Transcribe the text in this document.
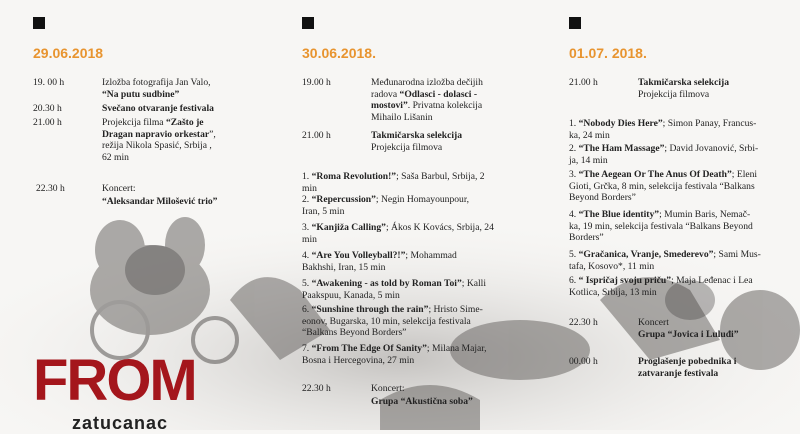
29.06.2018
19. 00 h	Izložba fotografija Jan Valo,
“Na putu sudbine”
20.30 h	Svečano otvaranje festivala
21.00 h	Projekcija filma “Zašto je
Dragan napravio orkestar”,
režija Nikola Spasić, Srbija ,
62 min
22.30 h	Koncert:
“Aleksandar Milošević trio”
30.06.2018.
19.00 h	Međunarodna izložba dečijih
radova “Odlasci - dolasci -
mostovi”. Privatna kolekcija
Mihailo Lišanin
21.00 h	Takmičarska selekcija
Projekcija filmova
1. “Roma Revolution!”; Saša Barbul, Srbija, 2
min
2. “Repercussion”; Negin Homayounpour,
Iran, 5 min
3. “Kanjiža Calling”; Ákos K Kovács, Srbija, 24
min
4. “Are You Volleyball?!”; Mohammad
Bakhshi, Iran, 15 min
5. “Awakening - as told by Roman Toi”; Kalli
Paakspuu, Kanada, 5 min
6. “Sunshine through the rain”; Hristo Simе-
eonov, Bugarska, 10 min, selekcija festivala
“Balkans Beyond Borders”
7. “From The Edge Of Sanity”; Milana Majar,
Bosna i Hercegovina, 27 min
22.30 h	Koncert:
Grupa “Akustična soba”
01.07. 2018.
21.00 h	Takmičarska selekcija
Projekcija filmova
1. “Nobody Dies Here”; Simon Panay, Francus-
ka, 24 min
2. “The Ham Massage”; David Jovanović, Srbi-
ja, 14 min
3. “The Aegean Or The Anus Of Death”; Eleni
Gioti, Grčka, 8 min, selekcija festivala “Balkans
Beyond Borders”
4. “The Blue identity”; Mumin Baris, Nemač-
ka, 19 min, selekcija festivala “Balkans Beyond
Borders”
5. “Gračanica, Vranje, Smederevo”; Sami Mus-
tafa, Kosovo*, 11 min
6. “ Ispričaj svoju priču”; Maja Leđenac i Lea
Kotlica, Srbija, 13 min
22.30 h	Koncert
Grupa “Jovica i Luluđi”
00.00 h	Proglašenje pobednika i
zatvaranje festivala
FROM
zatucanac
